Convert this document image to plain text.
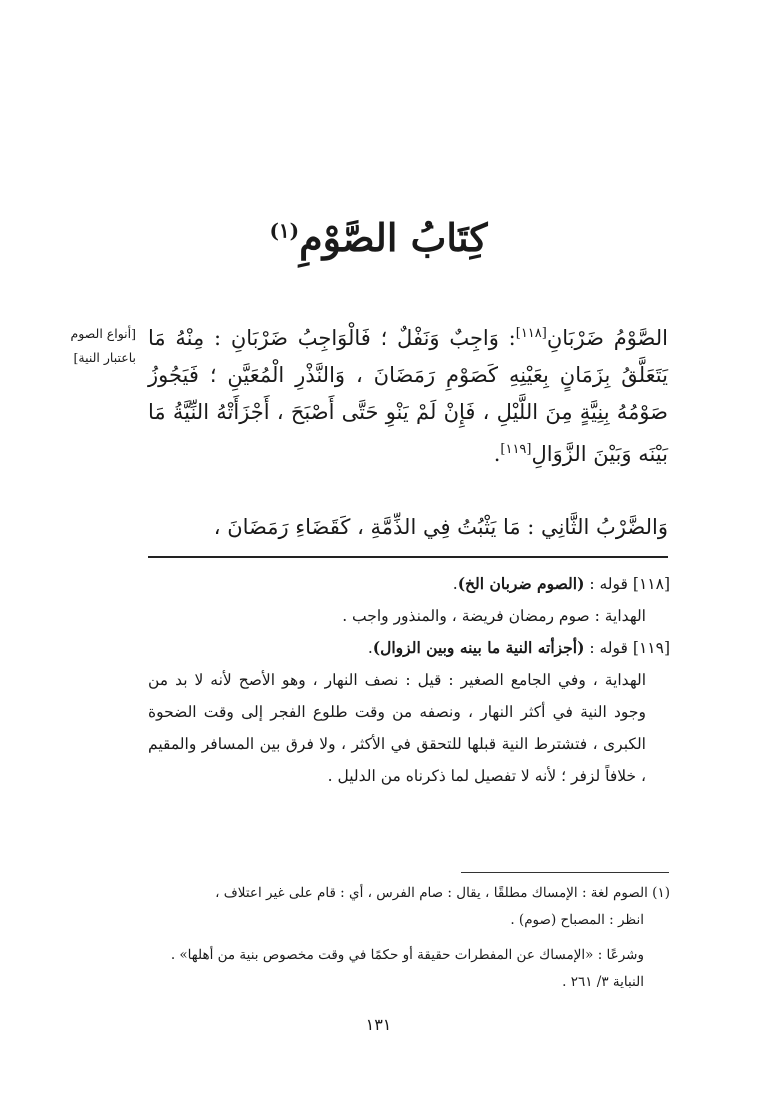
كِتَابُ الصَّوْمِ$^{(١)}$
[أنواع الصوم
باعتبار النية]
الصَّوْمُ ضَرْبَانِ[١١٨]: وَاجِبٌ وَنَفْلٌ ؛ فَالْوَاجِبُ ضَرْبَانِ : مِنْهُ مَا يَتَعَلَّقُ بِزَمَانٍ بِعَيْنِهِ كَصَوْمِ رَمَضَانَ ، وَالنَّذْرِ الْمُعَيَّنِ ؛ فَيَجُوزُ صَوْمُهُ بِنِيَّةٍ مِنَ اللَّيْلِ ، فَإِنْ لَمْ يَنْوِ حَتَّى أَصْبَحَ ، أَجْزَأَتْهُ النِّيَّةُ مَا بَيْنَه وَبَيْنَ الزَّوَالِ[١١٩].
وَالضَّرْبُ الثَّانِي : مَا يَثْبُتُ فِي الذِّمَّةِ ، كَقَضَاءِ رَمَضَانَ ،

[١١٨] قوله : (الصوم ضربان الخ).

الهداية : صوم رمضان فريضة ، والمنذور واجب .

[١١٩] قوله : (أجزأته النية ما بينه وبين الزوال).

الهداية ، وفي الجامع الصغير : قيل : نصف النهار ، وهو الأصح لأنه لا بد من وجود النية في أكثر النهار ، ونصفه من وقت طلوع الفجر إلى وقت الضحوة الكبرى ، فتشترط النية قبلها للتحقق في الأكثر ، ولا فرق بين المسافر والمقيم ، خلافاً لزفر ؛ لأنه لا تفصيل لما ذكرناه من الدليل .

(١) الصوم لغة : الإمساك مطلقًا ، يقال : صام الفرس ، أي : قام على غير اعتلاف ،
انظر : المصباح (صوم) .
وشرعًا : «الإمساك عن المفطرات حقيقة أو حكمًا في وقت مخصوص بنية من أهلها» . النباية ٣/ ٢٦١ .
١٣١
